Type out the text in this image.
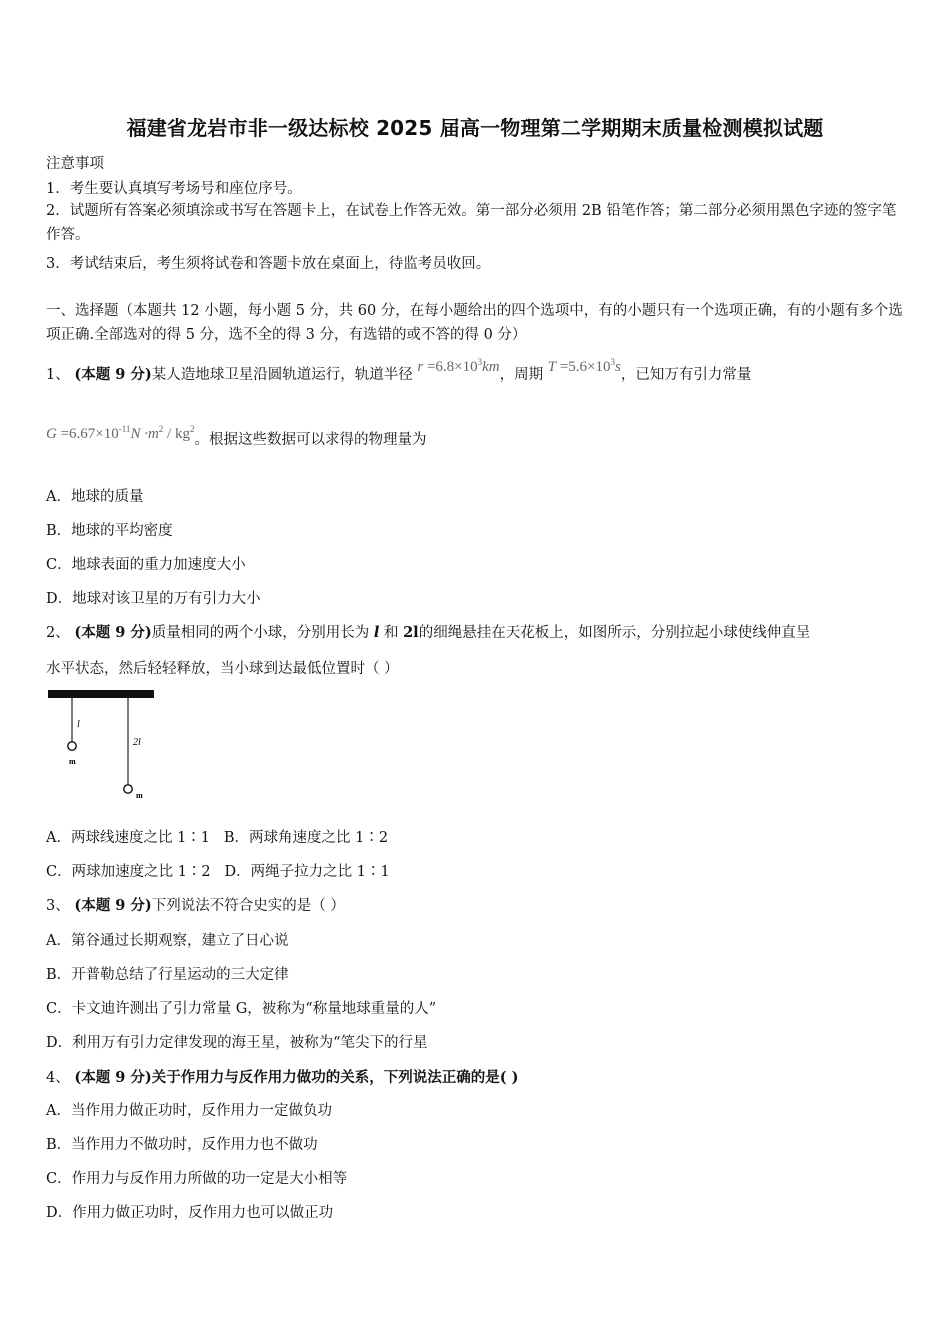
福建省龙岩市非一级达标校 2025 届高一物理第二学期期末质量检测模拟试题
注意事项
1．考生要认真填写考场号和座位序号。
2．试题所有答案必须填涂或书写在答题卡上，在试卷上作答无效。第一部分必须用 2B 铅笔作答；第二部分必须用黑色字迹的签字笔作答。
3．考试结束后，考生须将试卷和答题卡放在桌面上，待监考员收回。
一、选择题（本题共 12 小题，每小题 5 分，共 60 分，在每小题给出的四个选项中，有的小题只有一个选项正确，有的小题有多个选项正确.全部选对的得 5 分，选不全的得 3 分，有选错的或不答的得 0 分）
1、 (本题 9 分)某人造地球卫星沿圆轨道运行，轨道半径 $r =6.8\times 10^3km$，周期 $T =5.6\times 10^3s$，已知万有引力常量
$G =6.67\times 10^{-11}N \cdot m^2 / kg^2$。根据这些数据可以求得的物理量为
A．地球的质量
B．地球的平均密度
C．地球表面的重力加速度大小
D．地球对该卫星的万有引力大小
2、 (本题 9 分)质量相同的两个小球，分别用长为 l 和 2l的细绳悬挂在天花板上，如图所示，分别拉起小球使线伸直呈
水平状态，然后轻轻释放，当小球到达最低位置时（ ）
l
2l
m
m
A．两球线速度之比 1∶1 B．两球角速度之比 1∶2
C．两球加速度之比 1∶2 D．两绳子拉力之比 1∶1
3、 (本题 9 分)下列说法不符合史实的是（ ）
A．第谷通过长期观察，建立了日心说
B．开普勒总结了行星运动的三大定律
C．卡文迪许测出了引力常量 G，被称为“称量地球重量的人”
D．利用万有引力定律发现的海王星，被称为“笔尖下的行星
4、 (本题 9 分)关于作用力与反作用力做功的关系，下列说法正确的是( )
A．当作用力做正功时，反作用力一定做负功
B．当作用力不做功时，反作用力也不做功
C．作用力与反作用力所做的功一定是大小相等
D．作用力做正功时，反作用力也可以做正功
